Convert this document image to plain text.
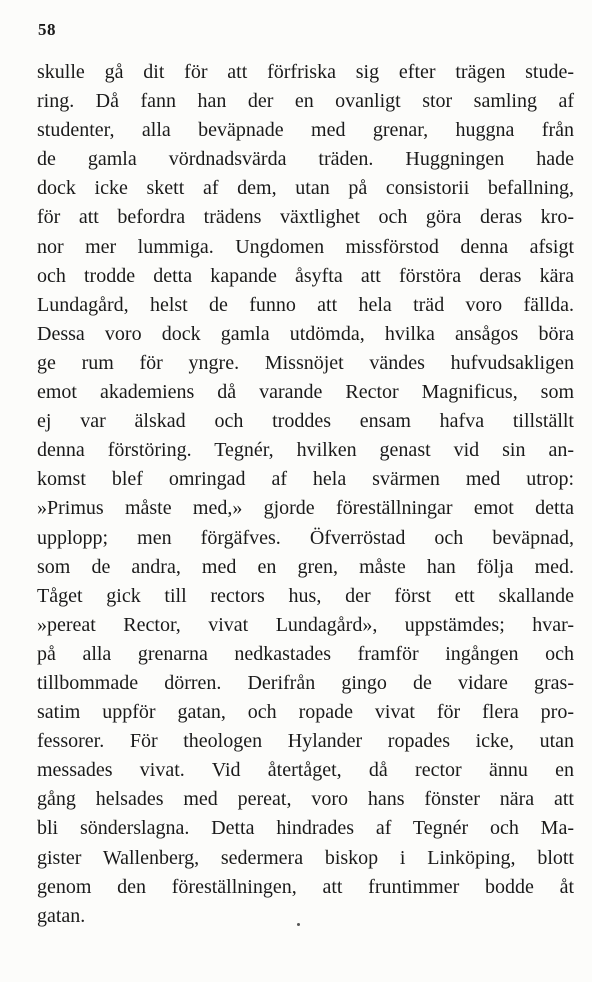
58
skulle gå dit för att förfriska sig efter trägen stude-
ring. Då fann han der en ovanligt stor samling af
studenter, alla beväpnade med grenar, huggna från
de gamla vördnadsvärda träden. Huggningen hade
dock icke skett af dem, utan på consistorii befallning,
för att befordra trädens växtlighet och göra deras kro-
nor mer lummiga. Ungdomen missförstod denna afsigt
och trodde detta kapande åsyfta att förstöra deras kära
Lundagård, helst de funno att hela träd voro fällda.
Dessa voro dock gamla utdömda, hvilka ansågos böra
ge rum för yngre. Missnöjet vändes hufvudsakligen
emot akademiens då varande Rector Magnificus, som
ej var älskad och troddes ensam hafva tillställt
denna förstöring. Tegnér, hvilken genast vid sin an-
komst blef omringad af hela svärmen med utrop:
»Primus måste med,» gjorde föreställningar emot detta
upplopp; men förgäfves. Öfverröstad och beväpnad,
som de andra, med en gren, måste han följa med.
Tåget gick till rectors hus, der först ett skallande
»pereat Rector, vivat Lundagård», uppstämdes; hvar-
på alla grenarna nedkastades framför ingången och
tillbommade dörren. Derifrån gingo de vidare gras-
satim uppför gatan, och ropade vivat för flera pro-
fessorer. För theologen Hylander ropades icke, utan
messades vivat. Vid återtåget, då rector ännu en
gång helsades med pereat, voro hans fönster nära att
bli sönderslagna. Detta hindrades af Tegnér och Ma-
gister Wallenberg, sedermera biskop i Linköping, blott
genom den föreställningen, att fruntimmer bodde åt
gatan.
